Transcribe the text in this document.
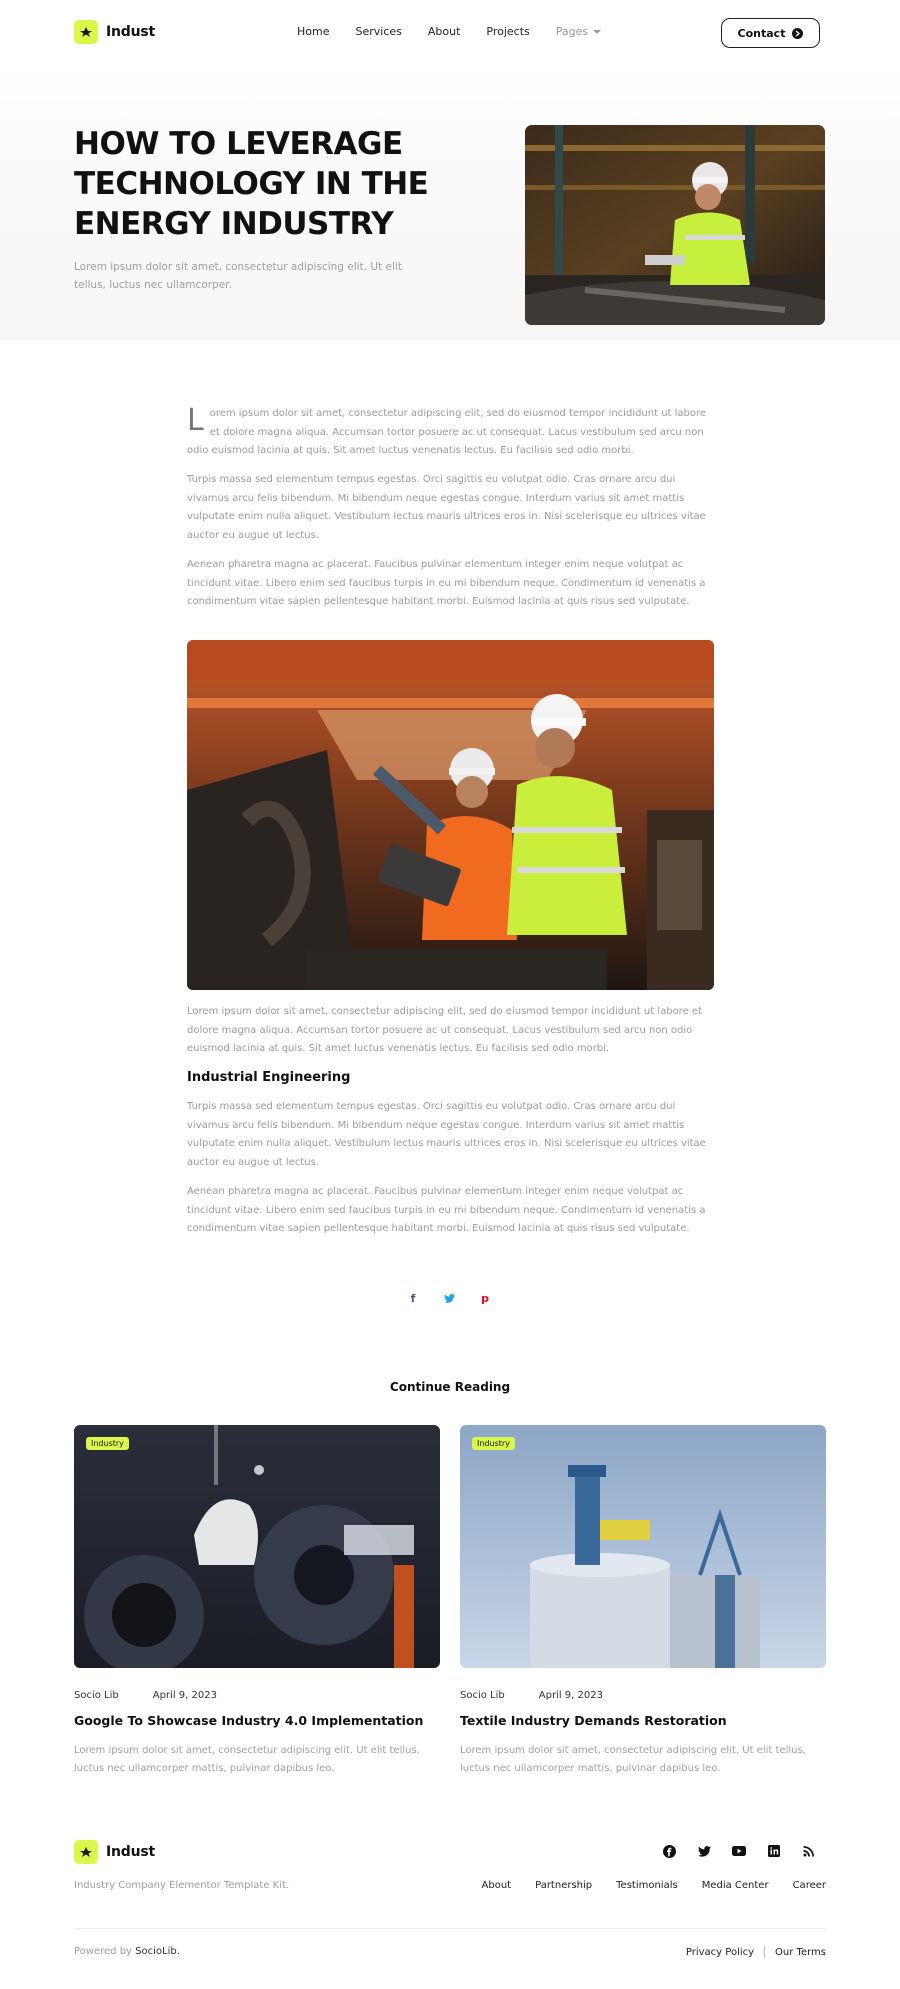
Indust	Home Services About Projects Pages	Contact
HOW TO LEVERAGE TECHNOLOGY IN THE ENERGY INDUSTRY

Lorem ipsum dolor sit amet, consectetur adipiscing elit. Ut elit tellus, luctus nec ullamcorper.

Lorem ipsum dolor sit amet, consectetur adipiscing elit, sed do eiusmod tempor incididunt ut labore et dolore magna aliqua. Accumsan tortor posuere ac ut consequat. Lacus vestibulum sed arcu non odio euismod lacinia at quis. Sit amet luctus venenatis lectus. Eu facilisis sed odio morbi.

Turpis massa sed elementum tempus egestas. Orci sagittis eu volutpat odio. Cras ornare arcu dui vivamus arcu felis bibendum. Mi bibendum neque egestas congue. Interdum varius sit amet mattis vulputate enim nulla aliquet. Vestibulum lectus mauris ultrices eros in. Nisi scelerisque eu ultrices vitae auctor eu augue ut lectus.

Aenean pharetra magna ac placerat. Faucibus pulvinar elementum integer enim neque volutpat ac tincidunt vitae. Libero enim sed faucibus turpis in eu mi bibendum neque. Condimentum id venenatis a condimentum vitae sapien pellentesque habitant morbi. Euismod lacinia at quis risus sed vulputate.

Lorem ipsum dolor sit amet, consectetur adipiscing elit, sed do eiusmod tempor incididunt ut labore et dolore magna aliqua. Accumsan tortor posuere ac ut consequat. Lacus vestibulum sed arcu non odio euismod lacinia at quis. Sit amet luctus venenatis lectus. Eu facilisis sed odio morbi.

Industrial Engineering

Turpis massa sed elementum tempus egestas. Orci sagittis eu volutpat odio. Cras ornare arcu dui vivamus arcu felis bibendum. Mi bibendum neque egestas congue. Interdum varius sit amet mattis vulputate enim nulla aliquet. Vestibulum lectus mauris ultrices eros in. Nisi scelerisque eu ultrices vitae auctor eu augue ut lectus.

Aenean pharetra magna ac placerat. Faucibus pulvinar elementum integer enim neque volutpat ac tincidunt vitae. Libero enim sed faucibus turpis in eu mi bibendum neque. Condimentum id venenatis a condimentum vitae sapien pellentesque habitant morbi. Euismod lacinia at quis risus sed vulputate.

f	p
Continue Reading
Industry
Socio Lib	April 9, 2023
Google To Showcase Industry 4.0 Implementation
Lorem ipsum dolor sit amet, consectetur adipiscing elit. Ut elit tellus, luctus nec ullamcorper mattis, pulvinar dapibus leo.
Industry
Socio Lib	April 9, 2023
Textile Industry Demands Restoration
Lorem ipsum dolor sit amet, consectetur adipiscing elit. Ut elit tellus, luctus nec ullamcorper mattis, pulvinar dapibus leo.
Indust
Industry Company Elementor Template Kit.	About Partnership Testimonials Media Center Career
Powered by SocioLib.	Privacy Policy Our Terms
